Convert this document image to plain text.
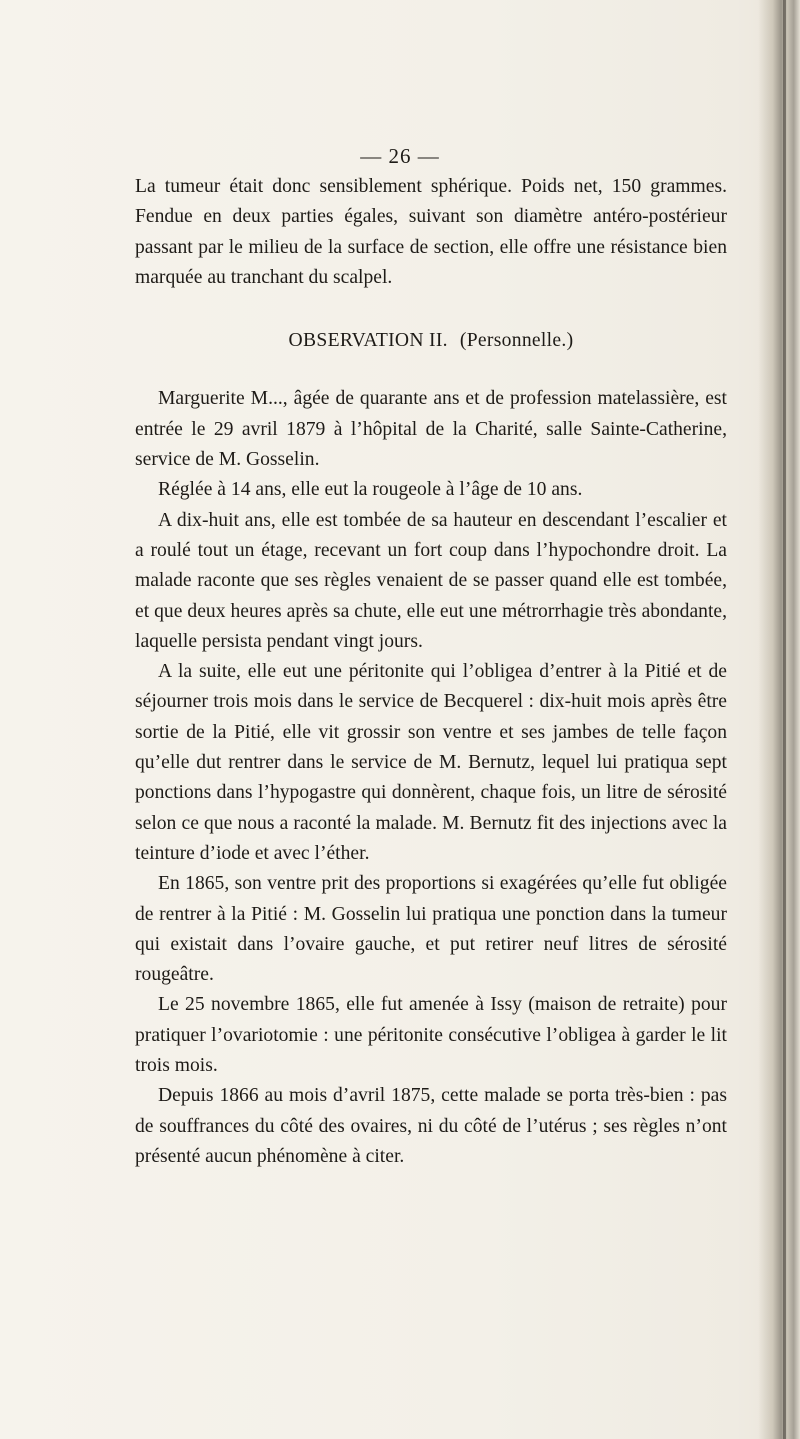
— 26 —

La tumeur était donc sensiblement sphérique. Poids net, 150 grammes. Fendue en deux parties égales, suivant son diamètre antéro-postérieur passant par le milieu de la surface de section, elle offre une résistance bien marquée au tranchant du scalpel.

OBSERVATION II. (Personnelle.)

Marguerite M..., âgée de quarante ans et de profession matelassière, est entrée le 29 avril 1879 à l’hôpital de la Charité, salle Sainte-Catherine, service de M. Gosselin.

Réglée à 14 ans, elle eut la rougeole à l’âge de 10 ans.

A dix-huit ans, elle est tombée de sa hauteur en descendant l’escalier et a roulé tout un étage, recevant un fort coup dans l’hypochondre droit. La malade raconte que ses règles venaient de se passer quand elle est tombée, et que deux heures après sa chute, elle eut une métrorrhagie très abondante, laquelle persista pendant vingt jours.

A la suite, elle eut une péritonite qui l’obligea d’entrer à la Pitié et de séjourner trois mois dans le service de Becquerel : dix-huit mois après être sortie de la Pitié, elle vit grossir son ventre et ses jambes de telle façon qu’elle dut rentrer dans le service de M. Bernutz, lequel lui pratiqua sept ponctions dans l’hypogastre qui donnèrent, chaque fois, un litre de sérosité selon ce que nous a raconté la malade. M. Bernutz fit des injections avec la teinture d’iode et avec l’éther.

En 1865, son ventre prit des proportions si exagérées qu’elle fut obligée de rentrer à la Pitié : M. Gosselin lui pratiqua une ponction dans la tumeur qui existait dans l’ovaire gauche, et put retirer neuf litres de sérosité rougeâtre.

Le 25 novembre 1865, elle fut amenée à Issy (maison de retraite) pour pratiquer l’ovariotomie : une péritonite consécutive l’obligea à garder le lit trois mois.

Depuis 1866 au mois d’avril 1875, cette malade se porta très-bien : pas de souffrances du côté des ovaires, ni du côté de l’utérus ; ses règles n’ont présenté aucun phénomène à citer.
